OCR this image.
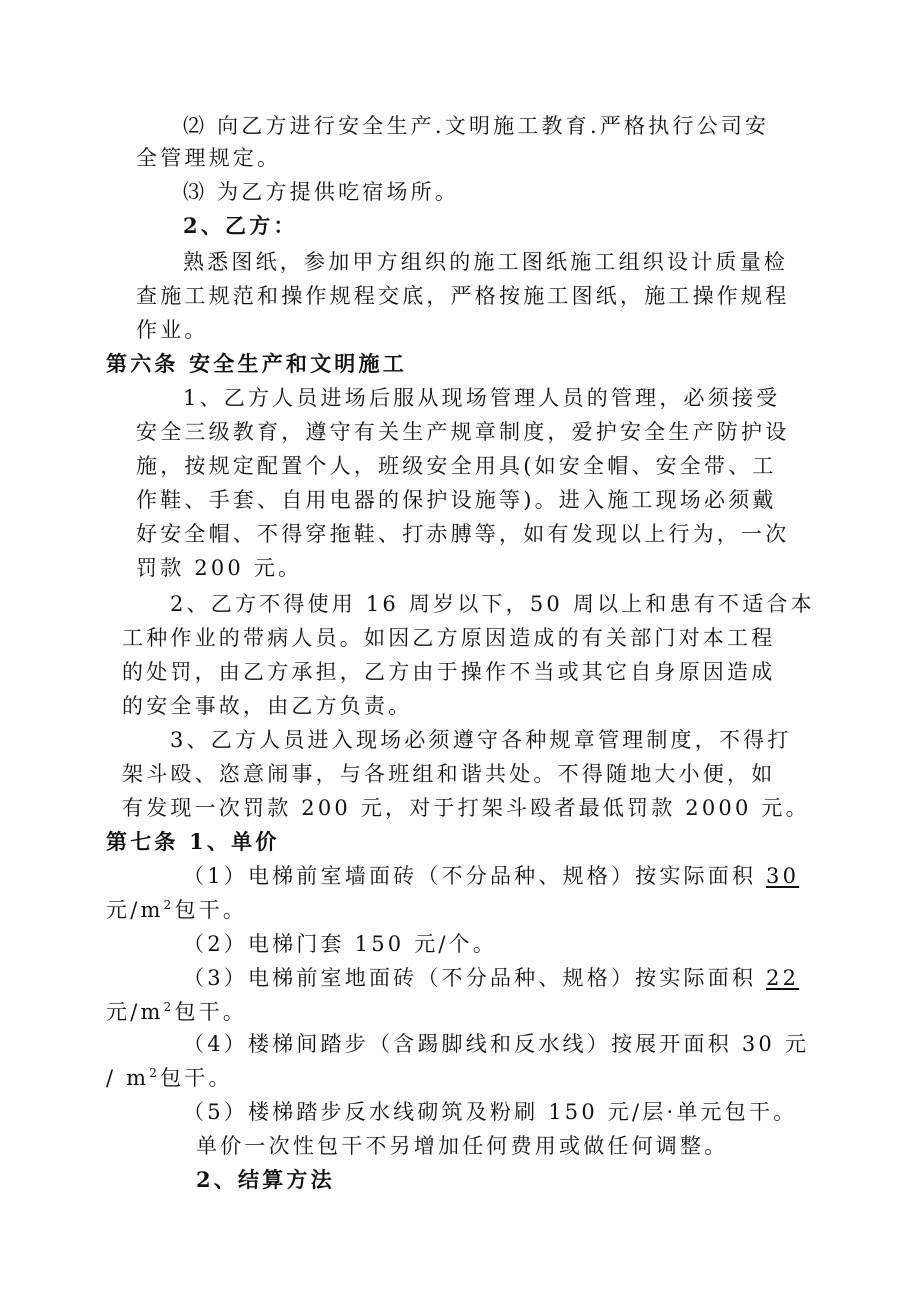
⑵ 向乙方进行安全生产.文明施工教育.严格执行公司安
全管理规定。
⑶ 为乙方提供吃宿场所。
2、乙方：
熟悉图纸，参加甲方组织的施工图纸施工组织设计质量检
查施工规范和操作规程交底，严格按施工图纸，施工操作规程
作业。
第六条 安全生产和文明施工
1、乙方人员进场后服从现场管理人员的管理，必须接受
安全三级教育，遵守有关生产规章制度，爱护安全生产防护设
施，按规定配置个人，班级安全用具(如安全帽、安全带、工
作鞋、手套、自用电器的保护设施等)。进入施工现场必须戴
好安全帽、不得穿拖鞋、打赤膊等，如有发现以上行为，一次
罚款 200 元。
2、乙方不得使用 16 周岁以下，50 周以上和患有不适合本
工种作业的带病人员。如因乙方原因造成的有关部门对本工程
的处罚，由乙方承担，乙方由于操作不当或其它自身原因造成
的安全事故，由乙方负责。
3、乙方人员进入现场必须遵守各种规章管理制度，不得打
架斗殴、恣意闹事，与各班组和谐共处。不得随地大小便，如
有发现一次罚款 200 元，对于打架斗殴者最低罚款 2000 元。
第七条 1、单价
（1）电梯前室墙面砖（不分品种、规格）按实际面积 30
元$/m^2$包干。
（2）电梯门套 150 元/个。
（3）电梯前室地面砖（不分品种、规格）按实际面积 22
元$/m^2$包干。
（4）楼梯间踏步（含踢脚线和反水线）按展开面积 30 元
/ $m^2$包干。
（5）楼梯踏步反水线砌筑及粉刷 150 元/层·单元包干。
单价一次性包干不另增加任何费用或做任何调整。
2、结算方法
